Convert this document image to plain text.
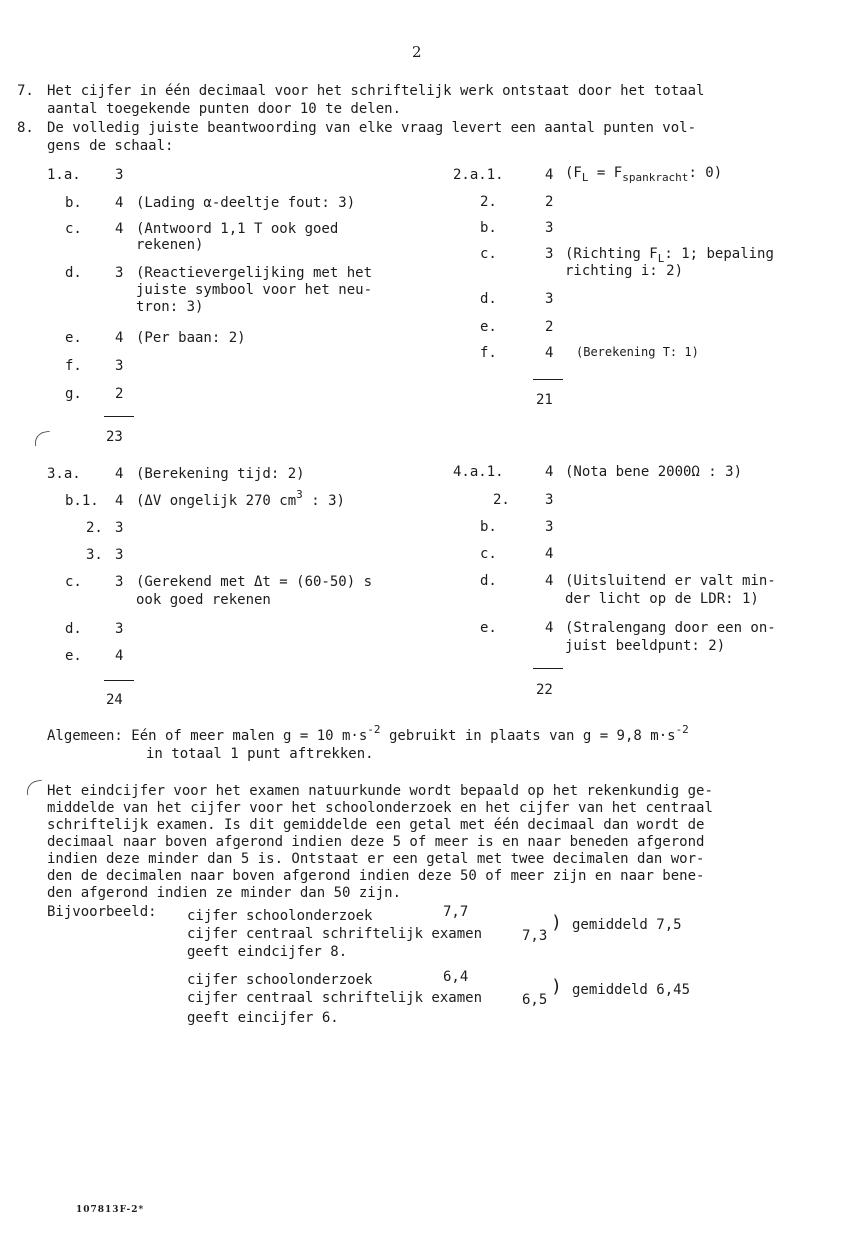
2
7. Het cijfer in één decimaal voor het schriftelijk werk ontstaat door het totaal
aantal toegekende punten door 10 te delen.
8. De volledig juiste beantwoording van elke vraag levert een aantal punten vol-
gens de schaal:
1.a. 3
b. 4 (Lading α-deeltje fout: 3)
c. 4 (Antwoord 1,1 T ook goed
rekenen)
d. 3 (Reactievergelijking met het
juiste symbool voor het neu-
tron: 3)
e. 4 (Per baan: 2)
f. 3
g. 2
23
2.a.1.	4 ($F_L = F_{spankracht}$: 0)
2.	2
b.	3
c.	3 (Richting $F_L$: 1; bepaling
richting i: 2)
d.	3
e.	2
f.	4 (Berekening T: 1)
21
3.a. 4 (Berekening tijd: 2)
b.1. 4 (ΔV ongelijk 270 $cm^3$ : 3)
2. 3
3. 3
c. 3 (Gerekend met Δt = (60-50) s
ook goed rekenen
d. 3
e. 4
24
4.a.1.	4 (Nota bene 2000Ω : 3)
2.	3
b.	3
c.	4
d.	4 (Uitsluitend er valt min-
der licht op de LDR: 1)
e.	4 (Stralengang door een on-
juist beeldpunt: 2)
22
Algemeen: Eén of meer malen g = 10 $m\cdot s^{-2}$ gebruikt in plaats van g = 9,8 $m\cdot s^{-2}$
in totaal 1 punt aftrekken.
Het eindcijfer voor het examen natuurkunde wordt bepaald op het rekenkundig ge-
middelde van het cijfer voor het schoolonderzoek en het cijfer van het centraal
schriftelijk examen. Is dit gemiddelde een getal met één decimaal dan wordt de
decimaal naar boven afgerond indien deze 5 of meer is en naar beneden afgerond
indien deze minder dan 5 is. Ontstaat er een getal met twee decimalen dan wor-
den de decimalen naar boven afgerond indien deze 50 of meer zijn en naar bene-
den afgerond indien ze minder dan 50 zijn.
Bijvoorbeeld: cijfer schoolonderzoek	7,7
cijfer centraal schriftelijk examen	7,3
) gemiddeld 7,5
geeft eindcijfer 8.
cijfer schoolonderzoek	6,4
cijfer centraal schriftelijk examen	6,5
) gemiddeld 6,45
geeft eincijfer 6.
107813F-2*
